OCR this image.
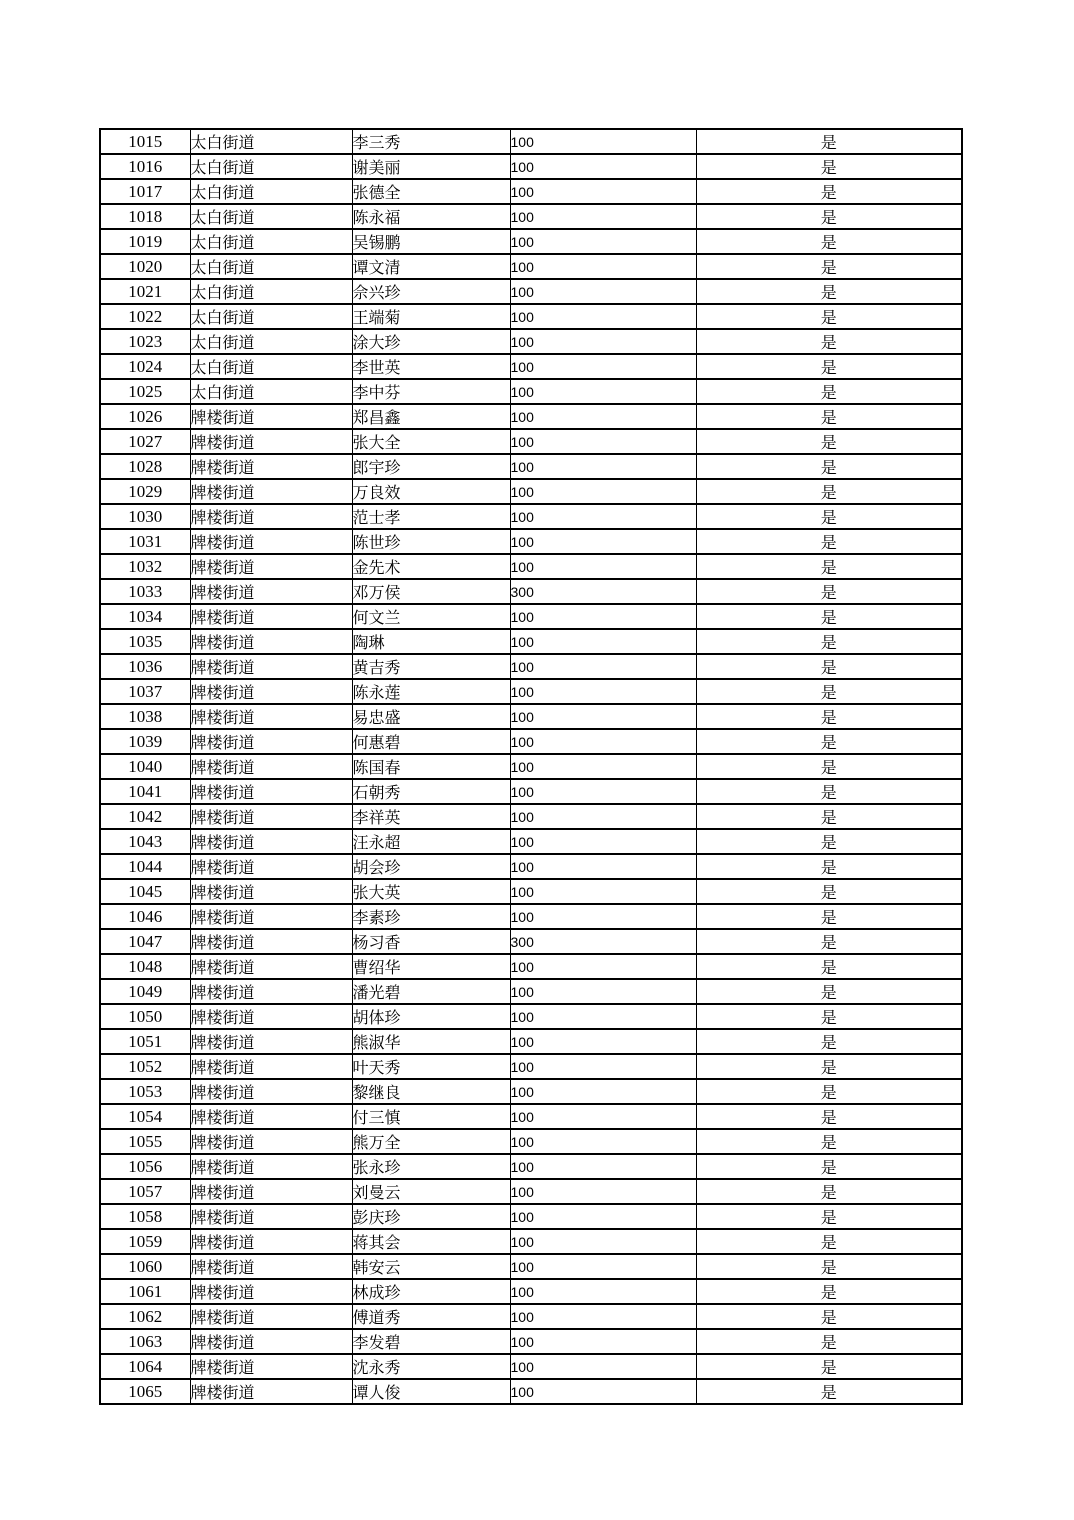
1015	太白街道	李三秀	100	是
1016	太白街道	谢美丽	100	是
1017	太白街道	张德全	100	是
1018	太白街道	陈永福	100	是
1019	太白街道	吴锡鹏	100	是
1020	太白街道	谭文清	100	是
1021	太白街道	佘兴珍	100	是
1022	太白街道	王端菊	100	是
1023	太白街道	涂大珍	100	是
1024	太白街道	李世英	100	是
1025	太白街道	李中芬	100	是
1026	牌楼街道	郑昌鑫	100	是
1027	牌楼街道	张大全	100	是
1028	牌楼街道	郎宇珍	100	是
1029	牌楼街道	万良效	100	是
1030	牌楼街道	范士孝	100	是
1031	牌楼街道	陈世珍	100	是
1032	牌楼街道	金先术	100	是
1033	牌楼街道	邓万侯	300	是
1034	牌楼街道	何文兰	100	是
1035	牌楼街道	陶琳	100	是
1036	牌楼街道	黄吉秀	100	是
1037	牌楼街道	陈永莲	100	是
1038	牌楼街道	易忠盛	100	是
1039	牌楼街道	何惠碧	100	是
1040	牌楼街道	陈国春	100	是
1041	牌楼街道	石朝秀	100	是
1042	牌楼街道	李祥英	100	是
1043	牌楼街道	汪永超	100	是
1044	牌楼街道	胡会珍	100	是
1045	牌楼街道	张大英	100	是
1046	牌楼街道	李素珍	100	是
1047	牌楼街道	杨习香	300	是
1048	牌楼街道	曹绍华	100	是
1049	牌楼街道	潘光碧	100	是
1050	牌楼街道	胡体珍	100	是
1051	牌楼街道	熊淑华	100	是
1052	牌楼街道	叶天秀	100	是
1053	牌楼街道	黎继良	100	是
1054	牌楼街道	付三慎	100	是
1055	牌楼街道	熊万全	100	是
1056	牌楼街道	张永珍	100	是
1057	牌楼街道	刘曼云	100	是
1058	牌楼街道	彭庆珍	100	是
1059	牌楼街道	蒋其会	100	是
1060	牌楼街道	韩安云	100	是
1061	牌楼街道	林成珍	100	是
1062	牌楼街道	傅道秀	100	是
1063	牌楼街道	李发碧	100	是
1064	牌楼街道	沈永秀	100	是
1065	牌楼街道	谭人俊	100	是
